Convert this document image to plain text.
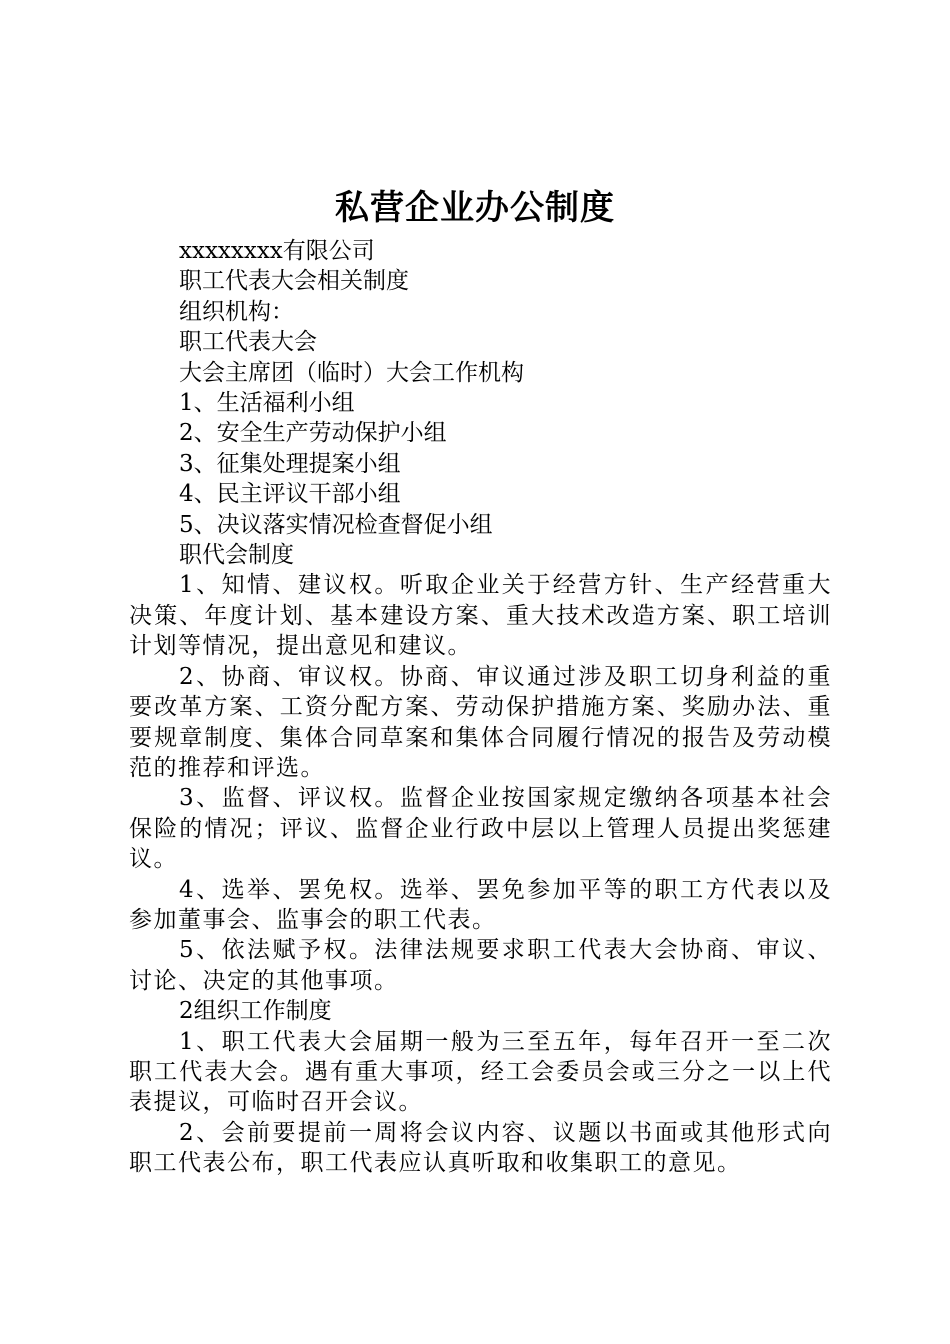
私营企业办公制度

xxxxxxxx有限公司

职工代表大会相关制度

组织机构：

职工代表大会

大会主席团（临时）大会工作机构

1、生活福利小组

2、安全生产劳动保护小组

3、征集处理提案小组

4、民主评议干部小组

5、决议落实情况检查督促小组

职代会制度

1、知情、建议权。听取企业关于经营方针、生产经营重大决策、年度计划、基本建设方案、重大技术改造方案、职工培训计划等情况，提出意见和建议。

2、协商、审议权。协商、审议通过涉及职工切身利益的重要改革方案、工资分配方案、劳动保护措施方案、奖励办法、重要规章制度、集体合同草案和集体合同履行情况的报告及劳动模范的推荐和评选。

3、监督、评议权。监督企业按国家规定缴纳各项基本社会保险的情况；评议、监督企业行政中层以上管理人员提出奖惩建议。

4、选举、罢免权。选举、罢免参加平等的职工方代表以及参加董事会、监事会的职工代表。

5、依法赋予权。法律法规要求职工代表大会协商、审议、讨论、决定的其他事项。

2组织工作制度

1、职工代表大会届期一般为三至五年，每年召开一至二次职工代表大会。遇有重大事项，经工会委员会或三分之一以上代表提议，可临时召开会议。

2、会前要提前一周将会议内容、议题以书面或其他形式向职工代表公布，职工代表应认真听取和收集职工的意见。
